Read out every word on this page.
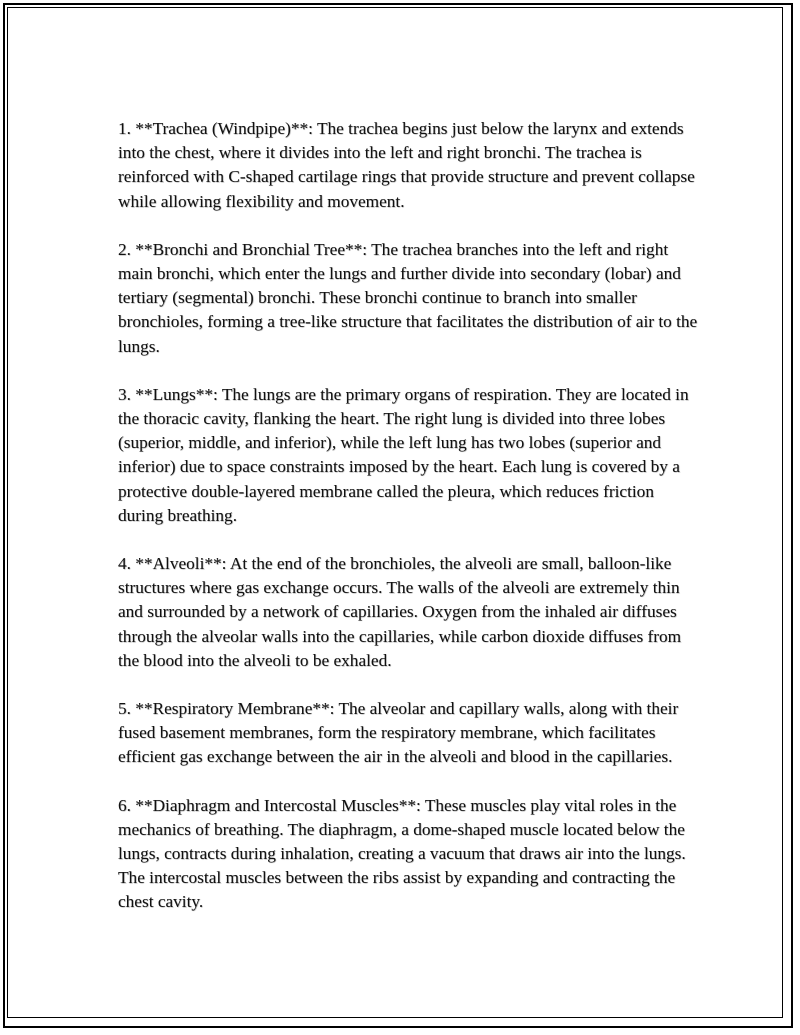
1. **Trachea (Windpipe)**: The trachea begins just below the larynx and extends into the chest, where it divides into the left and right bronchi. The trachea is reinforced with C-shaped cartilage rings that provide structure and prevent collapse while allowing flexibility and movement.

2. **Bronchi and Bronchial Tree**: The trachea branches into the left and right main bronchi, which enter the lungs and further divide into secondary (lobar) and tertiary (segmental) bronchi. These bronchi continue to branch into smaller bronchioles, forming a tree-like structure that facilitates the distribution of air to the lungs.

3. **Lungs**: The lungs are the primary organs of respiration. They are located in the thoracic cavity, flanking the heart. The right lung is divided into three lobes (superior, middle, and inferior), while the left lung has two lobes (superior and inferior) due to space constraints imposed by the heart. Each lung is covered by a protective double-layered membrane called the pleura, which reduces friction during breathing.

4. **Alveoli**: At the end of the bronchioles, the alveoli are small, balloon-like structures where gas exchange occurs. The walls of the alveoli are extremely thin and surrounded by a network of capillaries. Oxygen from the inhaled air diffuses through the alveolar walls into the capillaries, while carbon dioxide diffuses from the blood into the alveoli to be exhaled.

5. **Respiratory Membrane**: The alveolar and capillary walls, along with their fused basement membranes, form the respiratory membrane, which facilitates efficient gas exchange between the air in the alveoli and blood in the capillaries.

6. **Diaphragm and Intercostal Muscles**: These muscles play vital roles in the mechanics of breathing. The diaphragm, a dome-shaped muscle located below the lungs, contracts during inhalation, creating a vacuum that draws air into the lungs. The intercostal muscles between the ribs assist by expanding and contracting the chest cavity.
